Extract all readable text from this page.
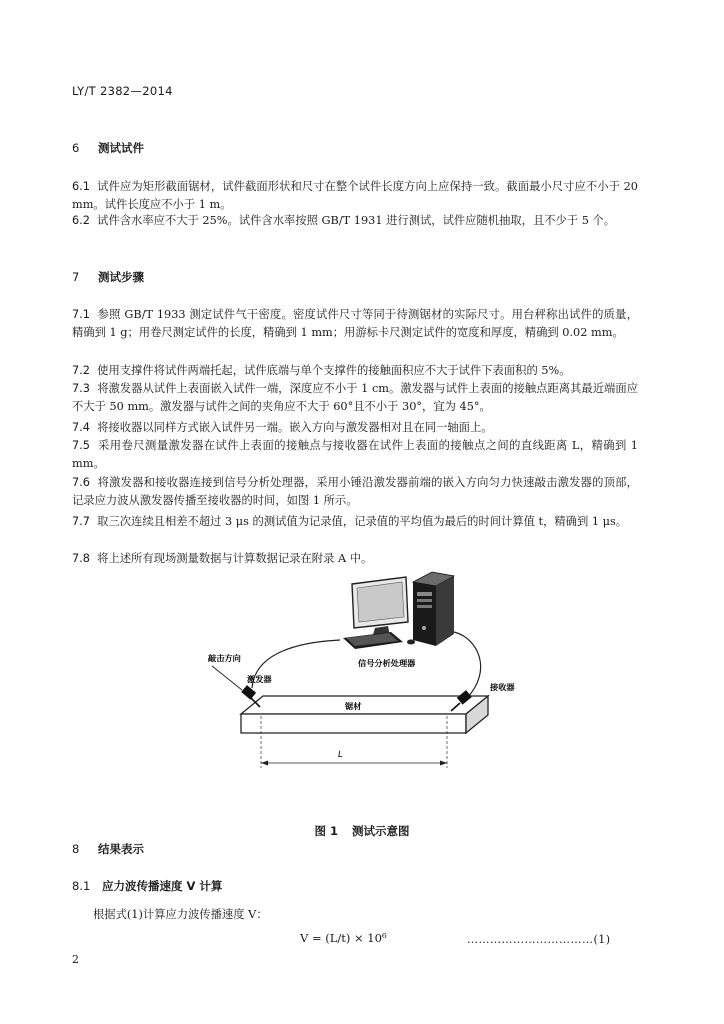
LY/T 2382—2014
6 测试试件
6.1 试件应为矩形截面锯材，试件截面形状和尺寸在整个试件长度方向上应保持一致。截面最小尺寸应不小于 20 mm。试件长度应不小于 1 m。
6.2 试件含水率应不大于 25%。试件含水率按照 GB/T 1931 进行测试，试件应随机抽取，且不少于 5 个。
7 测试步骤
7.1 参照 GB/T 1933 测定试件气干密度。密度试件尺寸等同于待测锯材的实际尺寸。用台秤称出试件的质量，精确到 1 g；用卷尺测定试件的长度，精确到 1 mm；用游标卡尺测定试件的宽度和厚度，精确到 0.02 mm。
7.2 使用支撑件将试件两端托起，试件底端与单个支撑件的接触面积应不大于试件下表面积的 5%。
7.3 将激发器从试件上表面嵌入试件一端，深度应不小于 1 cm。激发器与试件上表面的接触点距离其最近端面应不大于 50 mm。激发器与试件之间的夹角应不大于 60°且不小于 30°，宜为 45°。
7.4 将接收器以同样方式嵌入试件另一端。嵌入方向与激发器相对且在同一轴面上。
7.5 采用卷尺测量激发器在试件上表面的接触点与接收器在试件上表面的接触点之间的直线距离 L，精确到 1 mm。
7.6 将激发器和接收器连接到信号分析处理器，采用小锤沿激发器前端的嵌入方向匀力快速敲击激发器的顶部，记录应力波从激发器传播至接收器的时间，如图 1 所示。
7.7 取三次连续且相差不超过 3 μs 的测试值为记录值，记录值的平均值为最后的时间计算值 t，精确到 1 μs。
7.8 将上述所有现场测量数据与计算数据记录在附录 A 中。
敲击方向
激发器
信号分析处理器
接收器
锯材
L
图 1 测试示意图
8 结果表示
8.1 应力波传播速度 V 计算
根据式(1)计算应力波传播速度 V：
V = (L/t) × 10⁶	……………………………(1)
2
